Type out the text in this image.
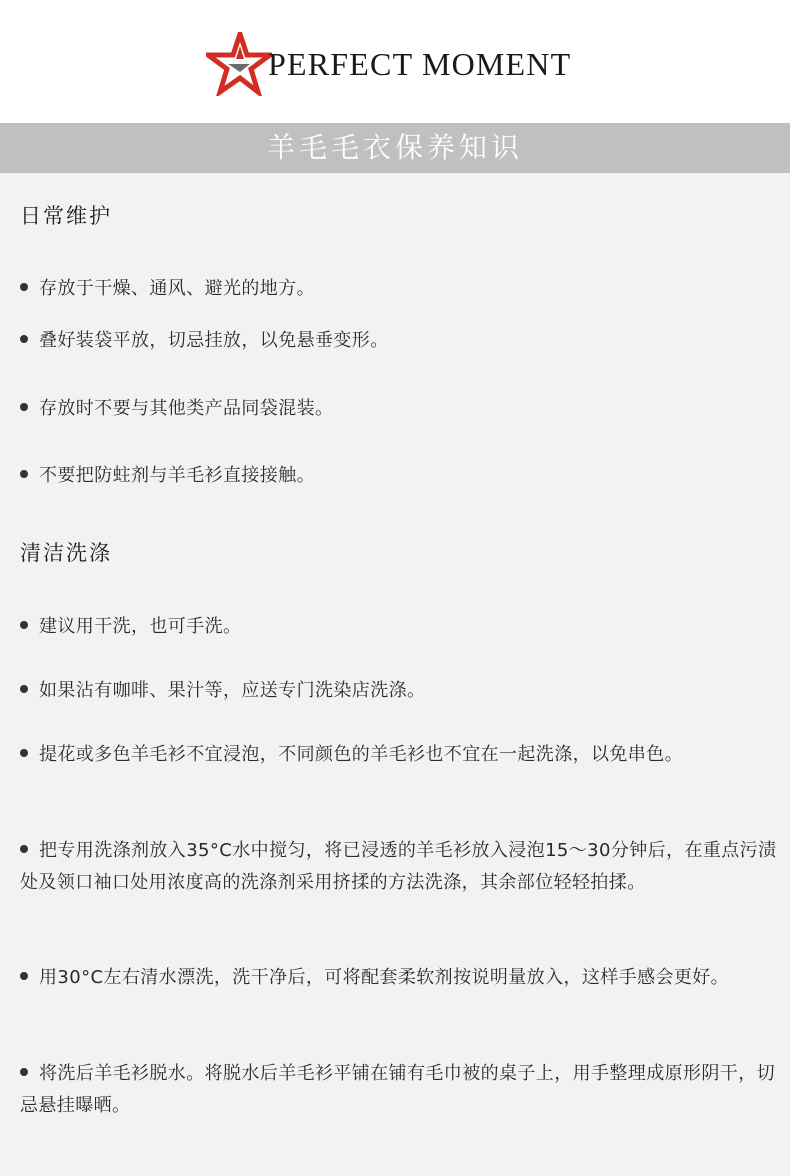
PERFECT MOMENT
羊毛毛衣保养知识
日常维护
存放于干燥、通风、避光的地方。
叠好装袋平放，切忌挂放，以免悬垂变形。
存放时不要与其他类产品同袋混装。
不要把防蛀剂与羊毛衫直接接触。
清洁洗涤
建议用干洗，也可手洗。
如果沾有咖啡、果汁等，应送专门洗染店洗涤。
提花或多色羊毛衫不宜浸泡，不同颜色的羊毛衫也不宜在一起洗涤，以免串色。
把专用洗涤剂放入35°C水中搅匀，将已浸透的羊毛衫放入浸泡15～30分钟后，在重点污渍处及领口袖口处用浓度高的洗涤剂采用挤揉的方法洗涤，其余部位轻轻拍揉。
用30°C左右清水漂洗，洗干净后，可将配套柔软剂按说明量放入，这样手感会更好。
将洗后羊毛衫脱水。将脱水后羊毛衫平铺在铺有毛巾被的桌子上，用手整理成原形阴干，切忌悬挂曝晒。
